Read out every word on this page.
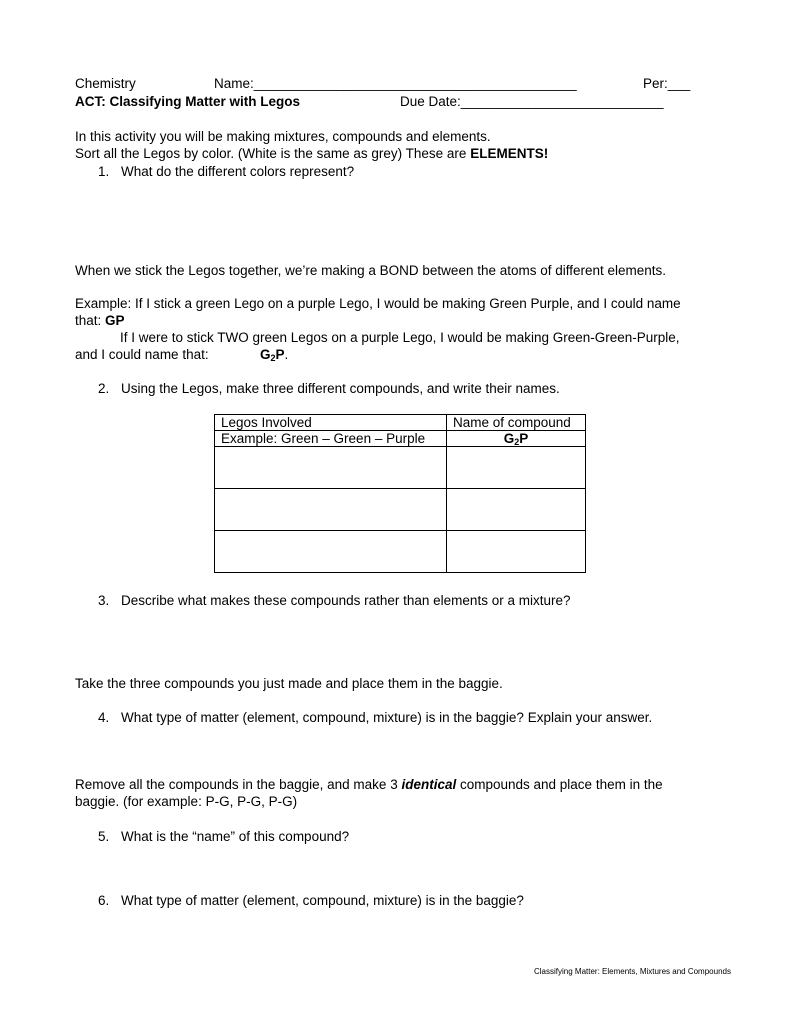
Chemistry	Name:___________________________________________	Per:___
ACT: Classifying Matter with Legos	Due Date:___________________________
In this activity you will be making mixtures, compounds and elements.
Sort all the Legos by color. (White is the same as grey) These are ELEMENTS!
1. What do the different colors represent?
When we stick the Legos together, we’re making a BOND between the atoms of different elements.
Example: If I stick a green Lego on a purple Lego, I would be making Green Purple, and I could name
that: GP
If I were to stick TWO green Legos on a purple Lego, I would be making Green-Green-Purple,
and I could name that:	$G_2P$.
2. Using the Legos, make three different compounds, and write their names.
Legos Involved	Name of compound
Example: Green – Green – Purple	$G_2P$

3. Describe what makes these compounds rather than elements or a mixture?
Take the three compounds you just made and place them in the baggie.
4. What type of matter (element, compound, mixture) is in the baggie? Explain your answer.
Remove all the compounds in the baggie, and make 3 identical compounds and place them in the
baggie. (for example: P-G, P-G, P-G)
5. What is the “name” of this compound?
6. What type of matter (element, compound, mixture) is in the baggie?
Classifying Matter: Elements, Mixtures and Compounds
